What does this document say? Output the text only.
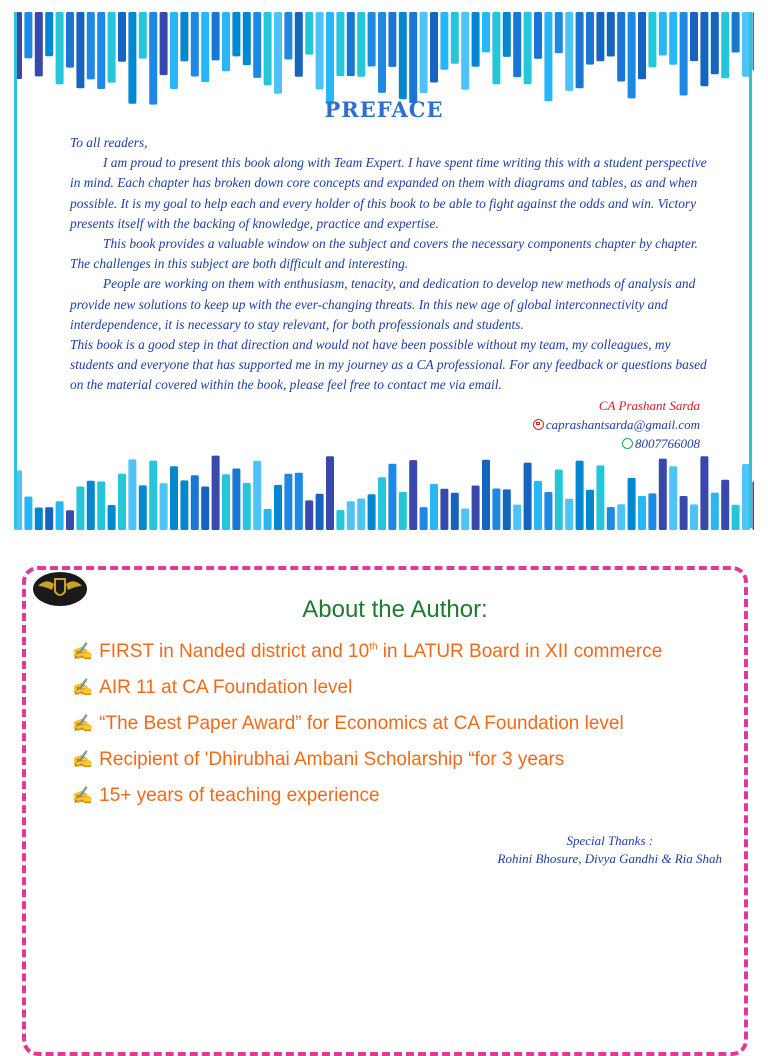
PREFACE

To all readers,

I am proud to present this book along with Team Expert. I have spent time writing this with a student perspective in mind. Each chapter has broken down core concepts and expanded on them with diagrams and tables, as and when possible. It is my goal to help each and every holder of this book to be able to fight against the odds and win. Victory presents itself with the backing of knowledge, practice and expertise.

This book provides a valuable window on the subject and covers the necessary components chapter by chapter. The challenges in this subject are both difficult and interesting.

People are working on them with enthusiasm, tenacity, and dedication to develop new methods of analysis and provide new solutions to keep up with the ever-changing threats. In this new age of global interconnectivity and interdependence, it is necessary to stay relevant, for both professionals and students.

This book is a good step in that direction and would not have been possible without my team, my colleagues, my students and everyone that has supported me in my journey as a CA professional. For any feedback or questions based on the material covered within the book, please feel free to contact me via email.

CA Prashant Sarda
caprashantsarda@gmail.com
8007766008
About the Author:
✍ FIRST in Nanded district and 10th in LATUR Board in XII commerce
✍ AIR 11 at CA Foundation level
✍ “The Best Paper Award” for Economics at CA Foundation level
✍ Recipient of 'Dhirubhai Ambani Scholarship “for 3 years
✍ 15+ years of teaching experience
Special Thanks :
Rohini Bhosure, Divya Gandhi & Ria Shah
